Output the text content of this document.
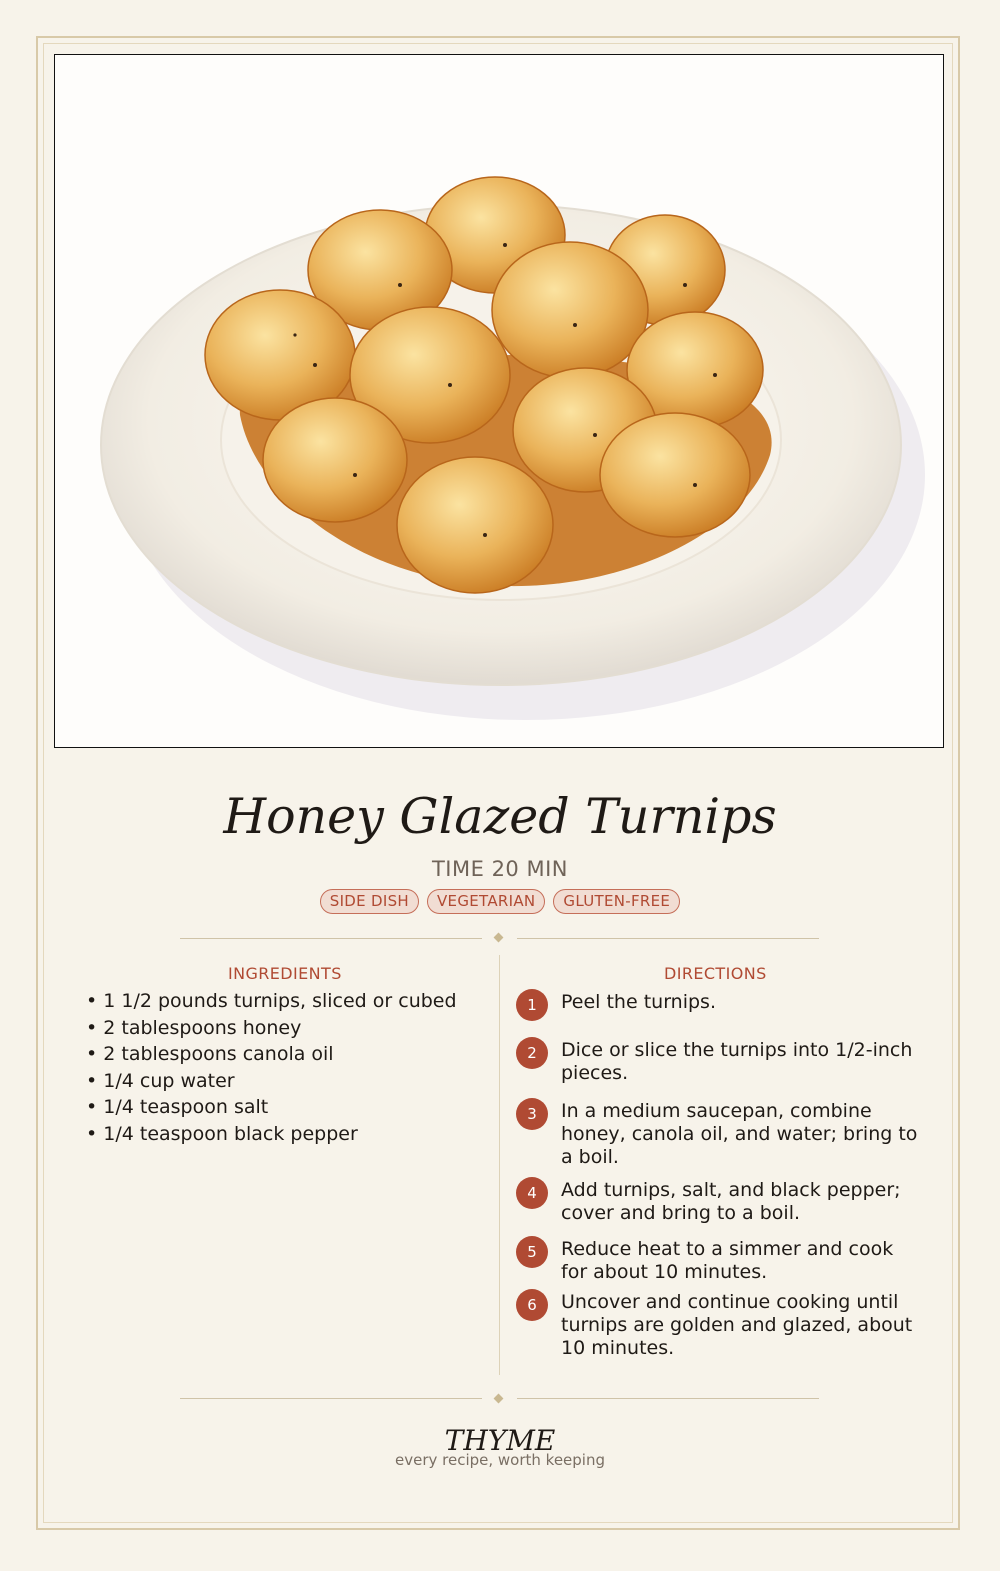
Honey Glazed Turnips
TIME 20 MIN
SIDE DISH	VEGETARIAN	GLUTEN-FREE
INGREDIENTS
• 1 1/2 pounds turnips, sliced or cubed
• 2 tablespoons honey
• 2 tablespoons canola oil
• 1/4 cup water
• 1/4 teaspoon salt
• 1/4 teaspoon black pepper
DIRECTIONS
1	Peel the turnips.
2	Dice or slice the turnips into 1/2-inch pieces.
3	In a medium saucepan, combine honey, canola oil, and water; bring to a boil.
4	Add turnips, salt, and black pepper; cover and bring to a boil.
5	Reduce heat to a simmer and cook for about 10 minutes.
6	Uncover and continue cooking until turnips are golden and glazed, about 10 minutes.
THYME
every recipe, worth keeping
